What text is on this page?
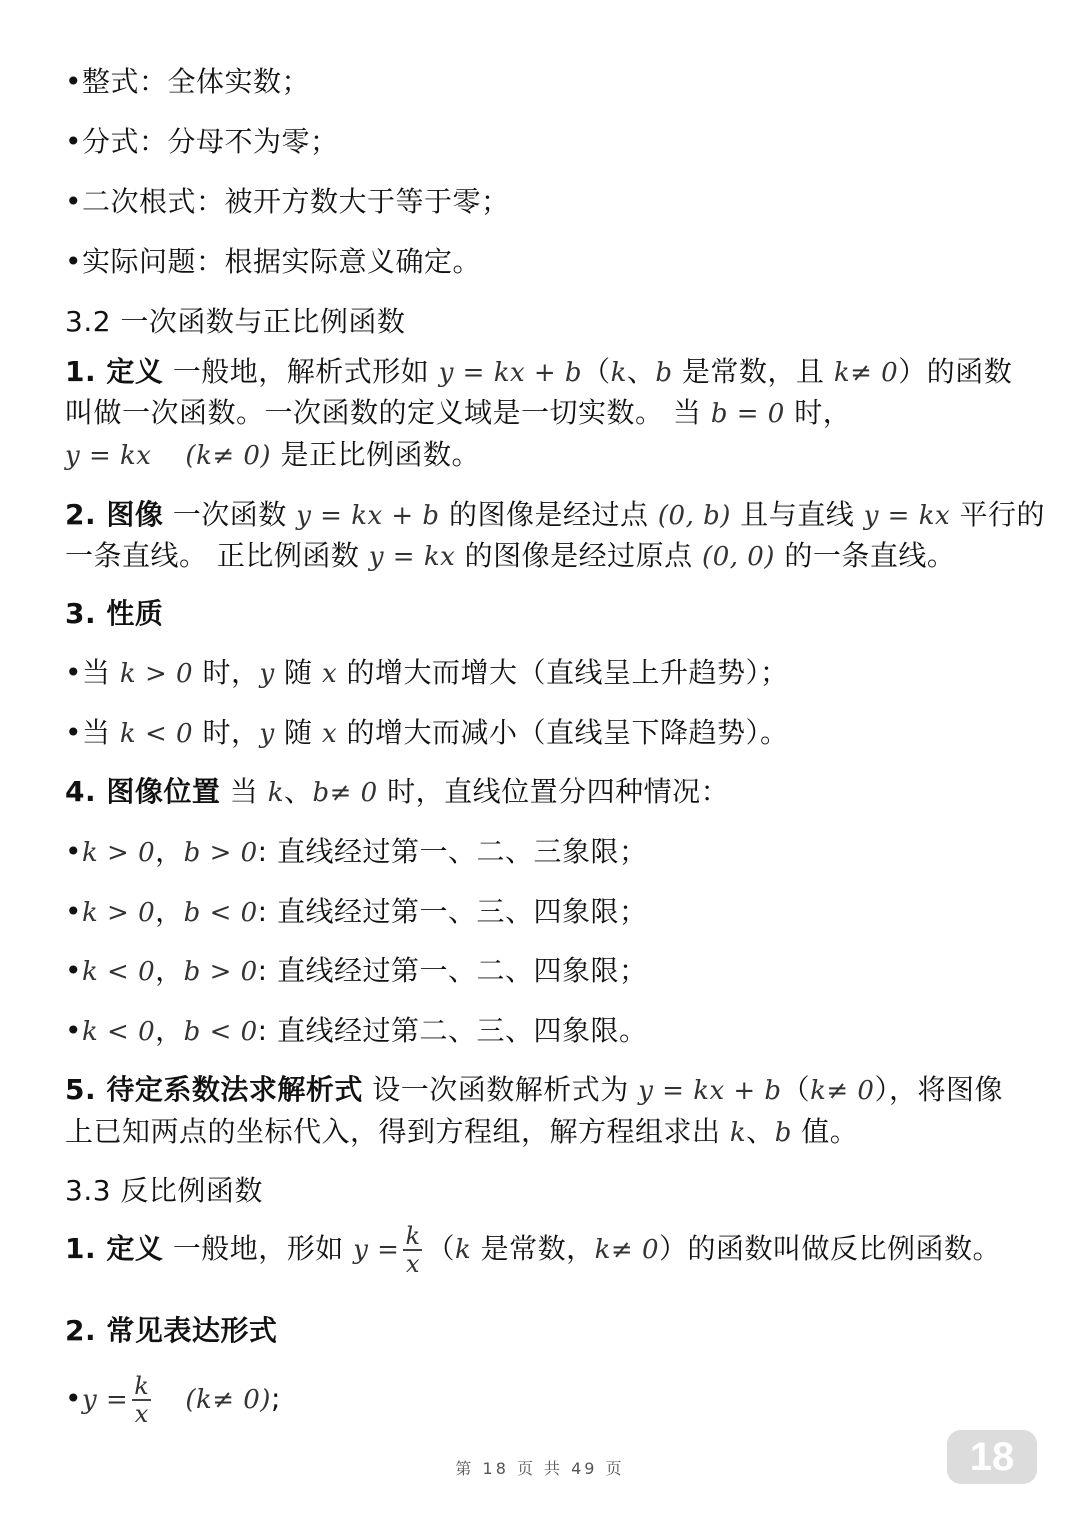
•整式：全体实数；
•分式：分母不为零；
•二次根式：被开方数大于等于零；
•实际问题：根据实际意义确定。
3.2 一次函数与正比例函数
1. 定义 一般地，解析式形如 y = kx + b（k、b 是常数，且 k≠ 0）的函数
叫做一次函数。一次函数的定义域是一切实数。 当 b = 0 时，
y = kx (k≠ 0) 是正比例函数。
2. 图像 一次函数 y = kx + b 的图像是经过点 (0, b) 且与直线 y = kx 平行的
一条直线。 正比例函数 y = kx 的图像是经过原点 (0, 0) 的一条直线。
3. 性质
•当 k > 0 时，y 随 x 的增大而增大（直线呈上升趋势）；
•当 k < 0 时，y 随 x 的增大而减小（直线呈下降趋势）。
4. 图像位置 当 k、b≠ 0 时，直线位置分四种情况：
•k > 0，b > 0: 直线经过第一、二、三象限；
•k > 0，b < 0: 直线经过第一、三、四象限；
•k < 0，b > 0: 直线经过第一、二、四象限；
•k < 0，b < 0: 直线经过第二、三、四象限。
5. 待定系数法求解析式 设一次函数解析式为 y = kx + b（k≠ 0），将图像
上已知两点的坐标代入，得到方程组，解方程组求出 k、b 值。
3.3 反比例函数
1. 定义 一般地，形如 $y = \frac{k}{x} (k$ 是常数，k≠ 0）的函数叫做反比例函数。
2. 常见表达形式
•y = $\frac{k}{x} (k\ne 0)$;
第 18 页 共 49 页	18
